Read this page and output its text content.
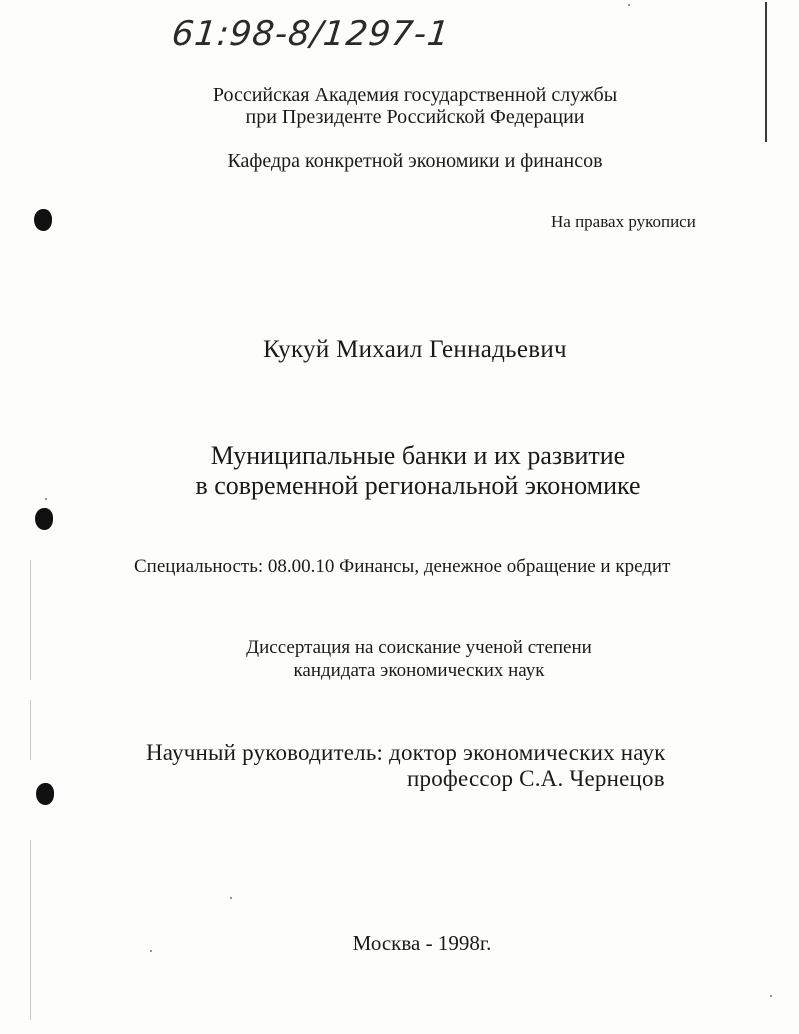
61:98-8/1297-1
Российская Академия государственной службы
при Президенте Российской Федерации
Кафедра конкретной экономики и финансов
На правах рукописи
Кукуй Михаил Геннадьевич
Муниципальные банки и их развитие
в современной региональной экономике
Специальность: 08.00.10 Финансы, денежное обращение и кредит
Диссертация на соискание ученой степени
кандидата экономических наук
Научный руководитель: доктор экономических наук
профессор С.А. Чернецов
Москва - 1998г.
